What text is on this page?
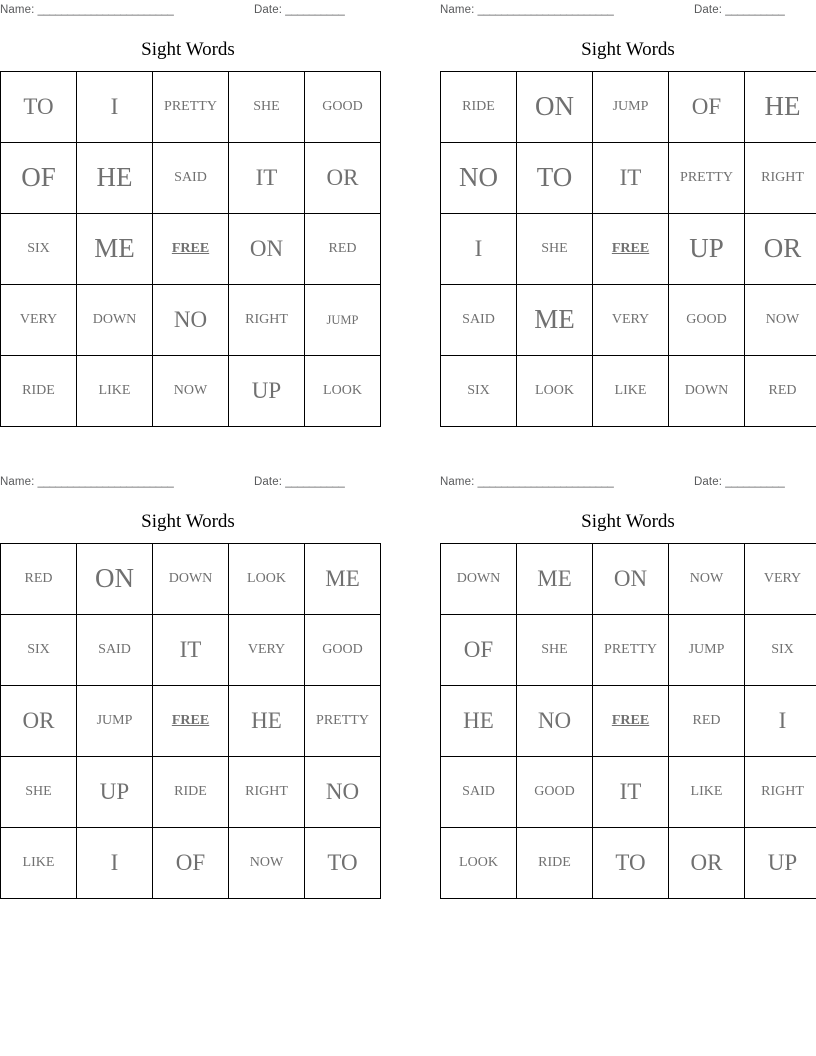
Name: _______________________	Date: __________
Sight Words
TO	I	PRETTY	SHE	GOOD
OF	HE	SAID	IT	OR
SIX	ME	FREE	ON	RED
VERY	DOWN	NO	RIGHT	JUMP
RIDE	LIKE	NOW	UP	LOOK
Name: _______________________	Date: __________
Sight Words
RIDE	ON	JUMP	OF	HE
NO	TO	IT	PRETTY	RIGHT
I	SHE	FREE	UP	OR
SAID	ME	VERY	GOOD	NOW
SIX	LOOK	LIKE	DOWN	RED
Name: _______________________	Date: __________
Sight Words
RED	ON	DOWN	LOOK	ME
SIX	SAID	IT	VERY	GOOD
OR	JUMP	FREE	HE	PRETTY
SHE	UP	RIDE	RIGHT	NO
LIKE	I	OF	NOW	TO
Name: _______________________	Date: __________
Sight Words
DOWN	ME	ON	NOW	VERY
OF	SHE	PRETTY	JUMP	SIX
HE	NO	FREE	RED	I
SAID	GOOD	IT	LIKE	RIGHT
LOOK	RIDE	TO	OR	UP
